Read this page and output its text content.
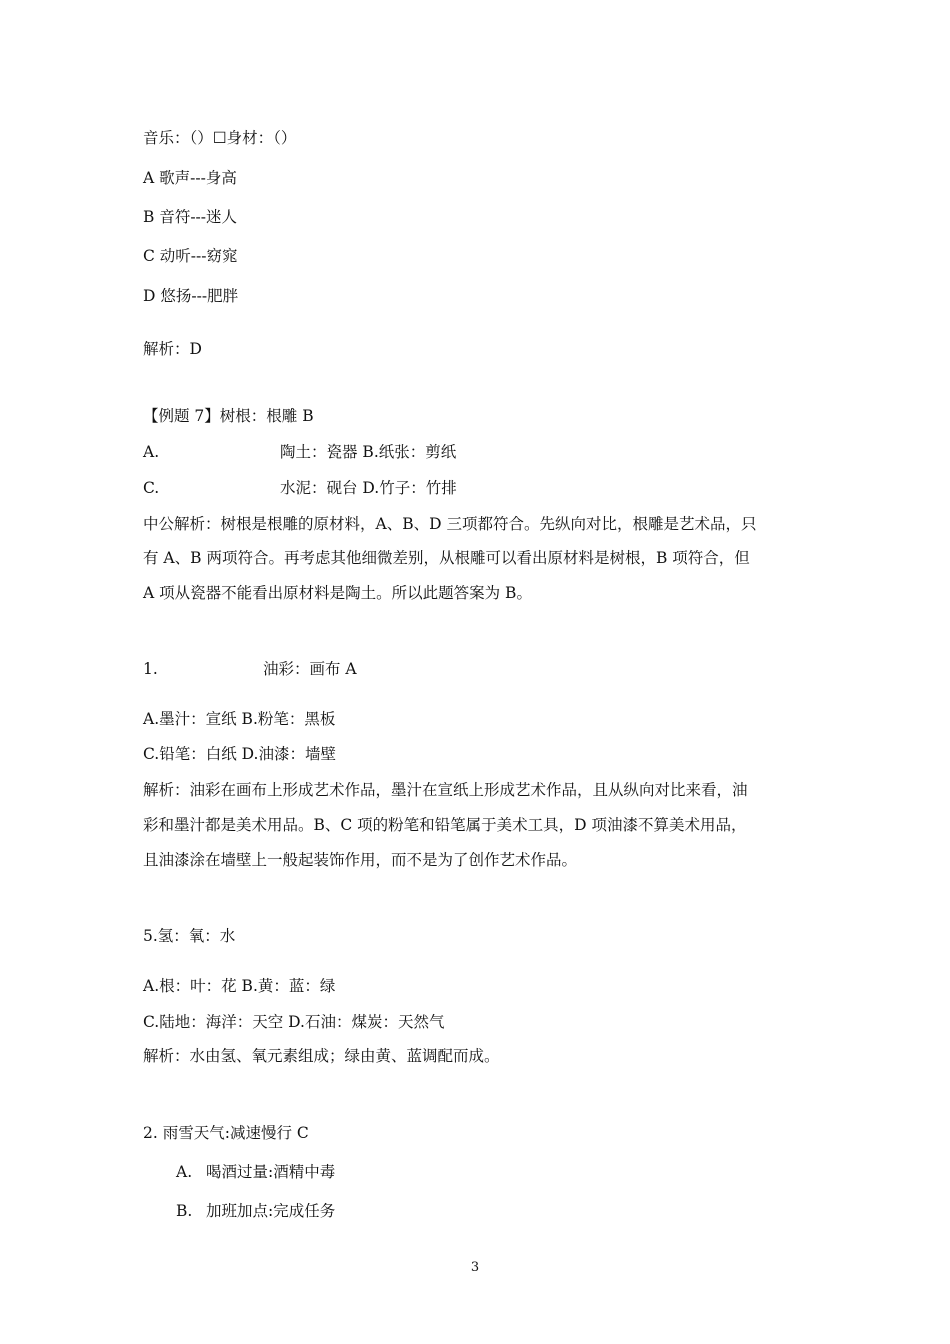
音乐：（）☐身材：（）
A 歌声---身高
B 音符---迷人
C 动听---窈窕
D 悠扬---肥胖
解析：D
【例题 7】树根：根雕 B
A.	陶土：瓷器 B.纸张：剪纸
C.	水泥：砚台 D.竹子：竹排
中公解析：树根是根雕的原材料，A、B、D 三项都符合。先纵向对比，根雕是艺术品，只
有 A、B 两项符合。再考虑其他细微差别，从根雕可以看出原材料是树根，B 项符合，但
A 项从瓷器不能看出原材料是陶土。所以此题答案为 B。
1.	油彩：画布 A
A.墨汁：宣纸 B.粉笔：黑板
C.铅笔：白纸 D.油漆：墙壁
解析：油彩在画布上形成艺术作品，墨汁在宣纸上形成艺术作品，且从纵向对比来看，油
彩和墨汁都是美术用品。B、C 项的粉笔和铅笔属于美术工具，D 项油漆不算美术用品，
且油漆涂在墙壁上一般起装饰作用，而不是为了创作艺术作品。
5.氢：氧：水
A.根：叶：花 B.黄：蓝：绿
C.陆地：海洋：天空 D.石油：煤炭：天然气
解析：水由氢、氧元素组成；绿由黄、蓝调配而成。
2. 雨雪天气:减速慢行 C
A. 喝酒过量:酒精中毒
B. 加班加点:完成任务
3
